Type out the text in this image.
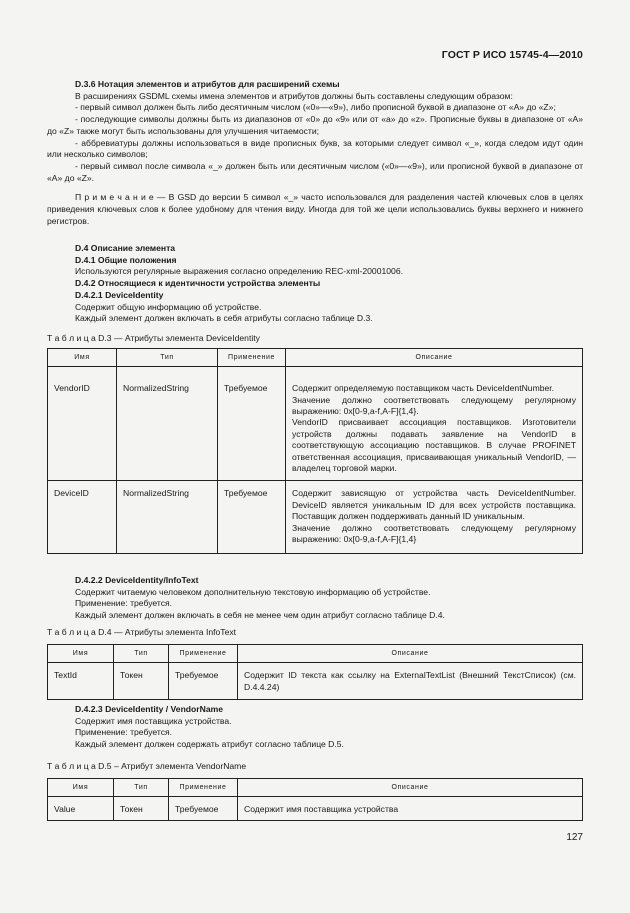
ГОСТ Р ИСО 15745-4—2010

D.3.6 Нотация элементов и атрибутов для расширений схемы

В расширениях GSDML схемы имена элементов и атрибутов должны быть составлены следующим образом:

- первый символ должен быть либо десятичным числом («0»—«9»), либо прописной буквой в диапазоне от «A» до «Z»;

- последующие символы должны быть из диапазонов от «0» до «9» или от «a» до «z». Прописные буквы в диапазоне от «A» до «Z» также могут быть использованы для улучшения читаемости;

- аббревиатуры должны использоваться в виде прописных букв, за которыми следует символ «_», когда следом идут один или несколько символов;

- первый символ после символа «_» должен быть или десятичным числом («0»—«9»), или прописной буквой в диапазоне от «A» до «Z».

П р и м е ч а н и е — В GSD до версии 5 символ «_» часто использовался для разделения частей ключевых слов в целях приведения ключевых слов к более удобному для чтения виду. Иногда для той же цели использовались буквы верхнего и нижнего регистров.

D.4 Описание элемента

D.4.1 Общие положения

Используются регулярные выражения согласно определению REC-xml-20001006.

D.4.2 Относящиеся к идентичности устройства элементы

D.4.2.1 DeviceIdentity

Содержит общую информацию об устройстве.

Каждый элемент должен включать в себя атрибуты согласно таблице D.3.

Т а б л и ц а D.3 — Атрибуты элемента DeviceIdentity

Имя	Тип	Применение	Описание
VendorID	NormalizedString	Требуемое	Содержит определяемую поставщиком часть DeviceIdentNumber.

Значение должно соответствовать следующему регулярному выражению: 0x[0-9,a-f,A-F]{1,4}.

VendorID присваивает ассоциация поставщиков. Изготовители устройств должны подавать заявление на VendorID в соответствующую ассоциацию поставщиков. В случае PROFINET ответственная ассоциация, присваивающая уникальный VendorID, — владелец торговой марки.

DeviceID	NormalizedString	Требуемое	Содержит зависящую от устройства часть DeviceIdentNumber. DeviceID является уникальным ID для всех устройств поставщика. Поставщик должен поддерживать данный ID уникальным.

Значение должно соответствовать следующему регулярному выражению: 0x[0-9,a-f,A-F]{1,4}

D.4.2.2 DeviceIdentity/InfoText

Содержит читаемую человеком дополнительную текстовую информацию об устройстве.

Применение: требуется.

Каждый элемент должен включать в себя не менее чем один атрибут согласно таблице D.4.

Т а б л и ц а D.4 — Атрибуты элемента InfoText

Имя	Тип	Применение	Описание
TextId	Токен	Требуемое	Содержит ID текста как ссылку на ExternalTextList (Внешний ТекстСписок) (см. D.4.4.24)

D.4.2.3 DeviceIdentity / VendorName

Содержит имя поставщика устройства.

Применение: требуется.

Каждый элемент должен содержать атрибут согласно таблице D.5.

Т а б л и ц а D.5 – Атрибут элемента VendorName

Имя	Тип	Применение	Описание
Value	Токен	Требуемое	Содержит имя поставщика устройства
127
